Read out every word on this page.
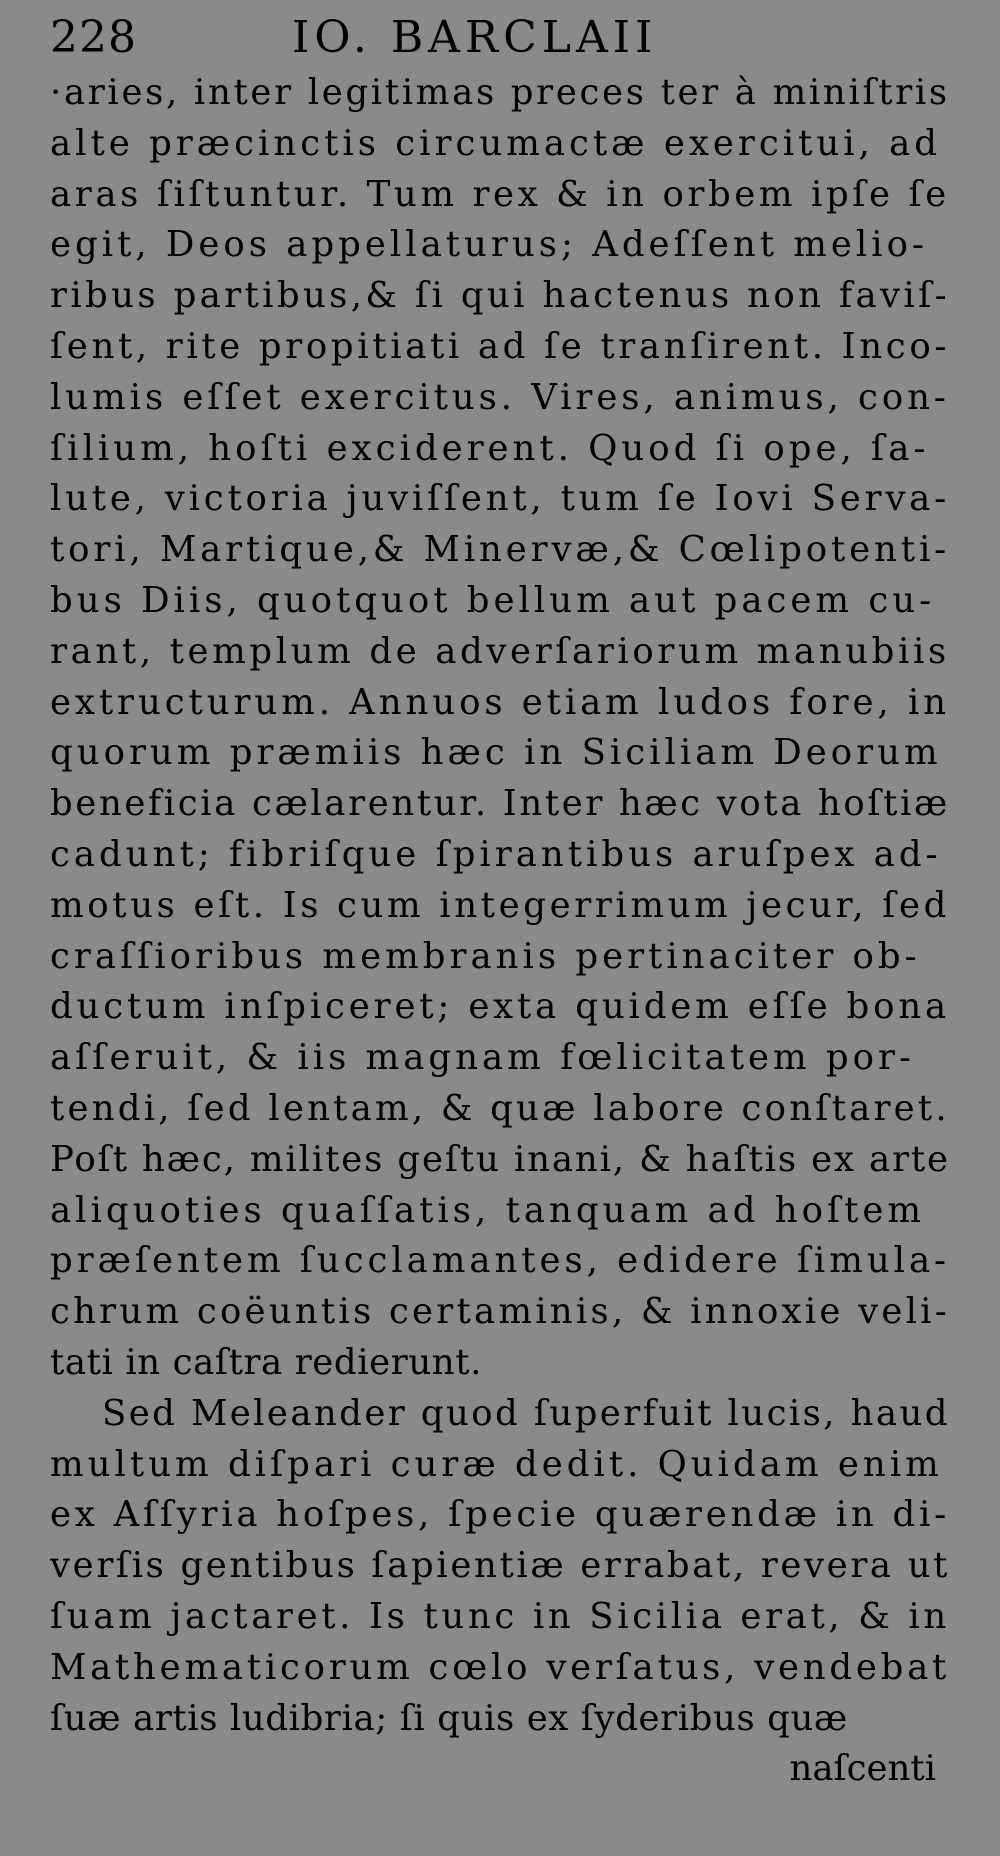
228	IO. BARCLAII
·aries, inter legitimas preces ter à miniſtris
alte præcinctis circumactæ exercitui, ad
aras ſiſtuntur. Tum rex & in orbem ipſe ſe
egit, Deos appellaturus; Adeſſent melio-
ribus partibus,& ſi qui hactenus non faviſ-
ſent, rite propitiati ad ſe tranſirent. Inco-
lumis eſſet exercitus. Vires, animus, con-
ſilium, hoſti exciderent. Quod ſi ope, ſa-
lute, victoria juviſſent, tum ſe Iovi Serva-
tori, Martique,& Minervæ,& Cœlipotenti-
bus Diis, quotquot bellum aut pacem cu-
rant, templum de adverſariorum manubiis
extructurum. Annuos etiam ludos fore, in
quorum præmiis hæc in Siciliam Deorum
beneficia cælarentur. Inter hæc vota hoſtiæ
cadunt; fibriſque ſpirantibus aruſpex ad-
motus eſt. Is cum integerrimum jecur, ſed
craſſioribus membranis pertinaciter ob-
ductum inſpiceret; exta quidem eſſe bona
aſſeruit, & iis magnam fœlicitatem por-
tendi, ſed lentam, & quæ labore conſtaret.
Poſt hæc, milites geſtu inani, & haſtis ex arte
aliquoties quaſſatis, tanquam ad hoſtem
præſentem ſucclamantes, edidere ſimula-
chrum coëuntis certaminis, & innoxie veli-
tati in caſtra redierunt.
Sed Meleander quod ſuperfuit lucis, haud
multum diſpari curæ dedit. Quidam enim
ex Aſſyria hoſpes, ſpecie quærendæ in di-
verſis gentibus ſapientiæ errabat, revera ut
ſuam jactaret. Is tunc in Sicilia erat, & in
Mathematicorum cœlo verſatus, vendebat
ſuæ artis ludibria; ſi quis ex ſyderibus quæ
naſcenti
